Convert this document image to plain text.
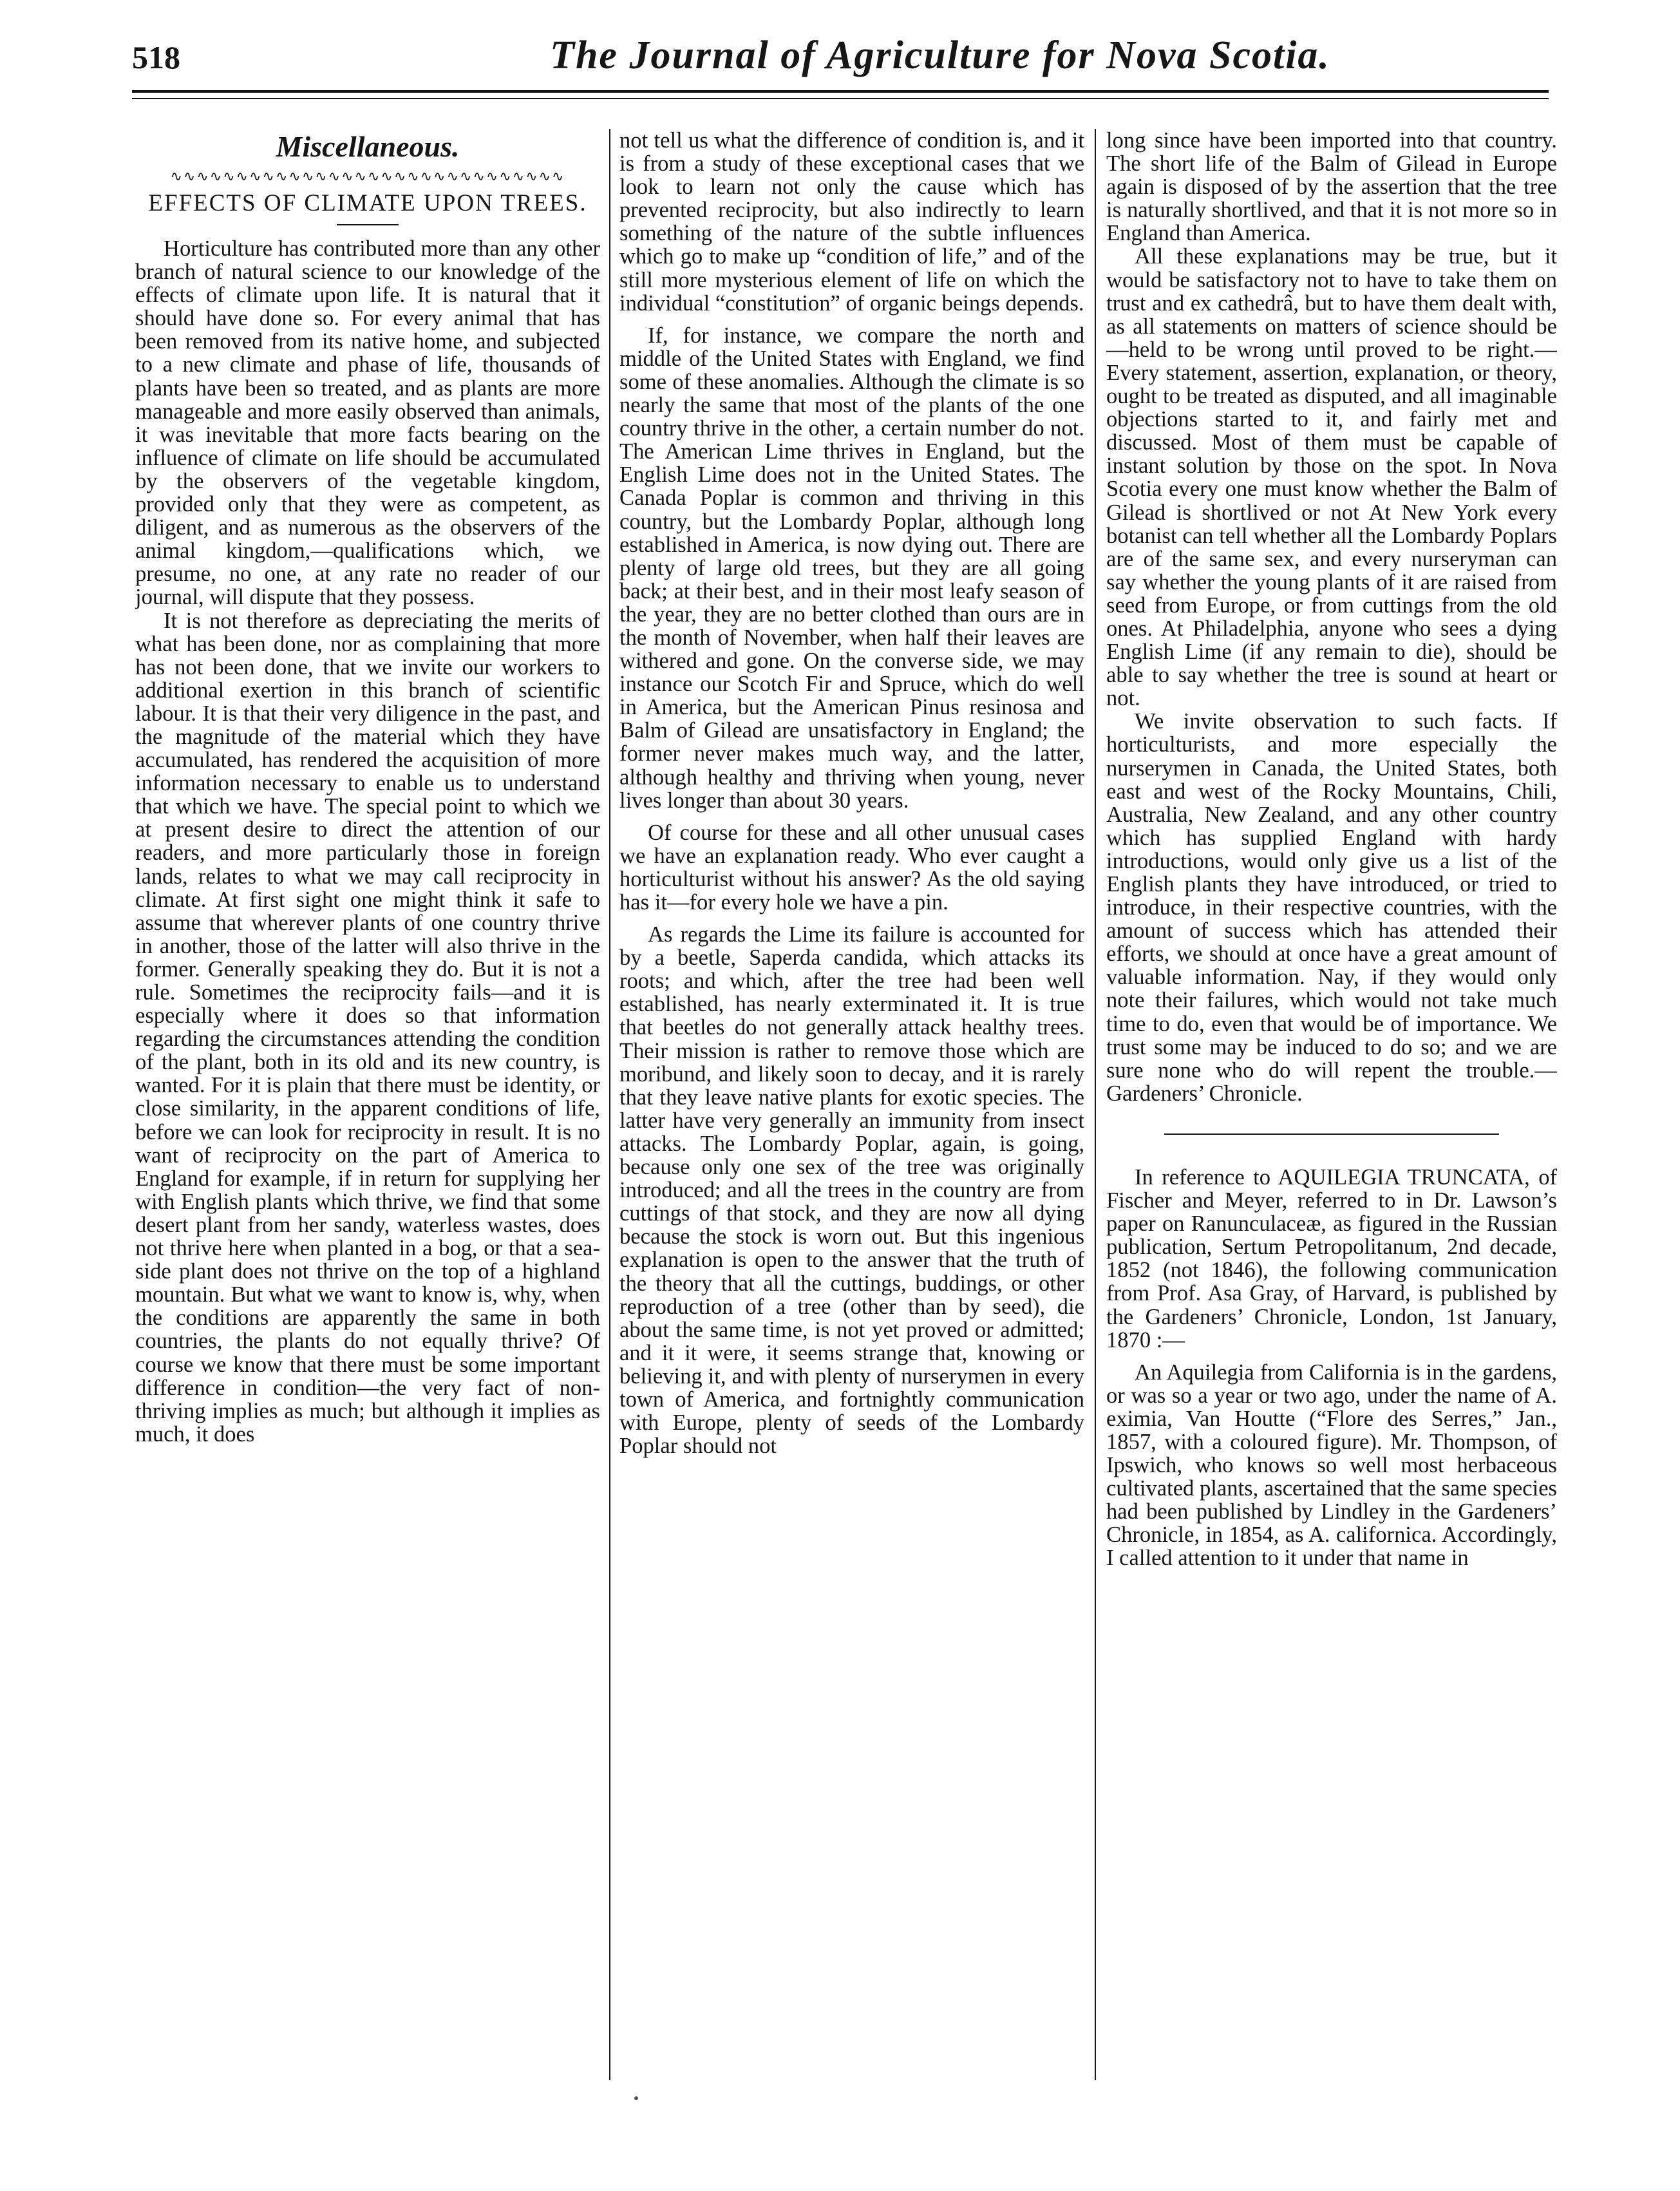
518	The Journal of Agriculture for Nova Scotia.
Miscellaneous.
∿∿∿∿∿∿∿∿∿∿∿∿∿∿∿∿∿∿∿∿∿∿∿∿∿∿∿∿∿∿
EFFECTS OF CLIMATE UPON TREES.

Horticulture has contributed more than any other branch of natural science to our knowledge of the effects of climate upon life. It is natural that it should have done so. For every animal that has been removed from its native home, and subjected to a new climate and phase of life, thousands of plants have been so treated, and as plants are more manageable and more easily observed than animals, it was inevitable that more facts bearing on the influence of climate on life should be accumulated by the observers of the vegetable kingdom, provided only that they were as competent, as diligent, and as numerous as the observers of the animal kingdom,—qualifications which, we presume, no one, at any rate no reader of our journal, will dispute that they possess.

It is not therefore as depreciating the merits of what has been done, nor as complaining that more has not been done, that we invite our workers to additional exertion in this branch of scientific labour. It is that their very diligence in the past, and the magnitude of the material which they have accumulated, has rendered the acquisition of more information necessary to enable us to understand that which we have. The special point to which we at present desire to direct the attention of our readers, and more particularly those in foreign lands, relates to what we may call reciprocity in climate. At first sight one might think it safe to assume that wherever plants of one country thrive in another, those of the latter will also thrive in the former. Generally speaking they do. But it is not a rule. Sometimes the reciprocity fails—and it is especially where it does so that information regarding the circumstances attending the condition of the plant, both in its old and its new country, is wanted. For it is plain that there must be identity, or close similarity, in the apparent conditions of life, before we can look for reciprocity in result. It is no want of reciprocity on the part of America to England for example, if in return for supplying her with English plants which thrive, we find that some desert plant from her sandy, waterless wastes, does not thrive here when planted in a bog, or that a sea-side plant does not thrive on the top of a highland mountain. But what we want to know is, why, when the conditions are apparently the same in both countries, the plants do not equally thrive? Of course we know that there must be some important difference in condition—the very fact of non-thriving implies as much; but although it implies as much, it does

not tell us what the difference of condition is, and it is from a study of these exceptional cases that we look to learn not only the cause which has prevented reciprocity, but also indirectly to learn something of the nature of the subtle influences which go to make up “condition of life,” and of the still more mysterious element of life on which the individual “constitution” of organic beings depends.

If, for instance, we compare the north and middle of the United States with England, we find some of these anomalies. Although the climate is so nearly the same that most of the plants of the one country thrive in the other, a certain number do not. The American Lime thrives in England, but the English Lime does not in the United States. The Canada Poplar is common and thriving in this country, but the Lombardy Poplar, although long established in America, is now dying out. There are plenty of large old trees, but they are all going back; at their best, and in their most leafy season of the year, they are no better clothed than ours are in the month of November, when half their leaves are withered and gone. On the converse side, we may instance our Scotch Fir and Spruce, which do well in America, but the American Pinus resinosa and Balm of Gilead are unsatisfactory in England; the former never makes much way, and the latter, although healthy and thriving when young, never lives longer than about 30 years.

Of course for these and all other unusual cases we have an explanation ready. Who ever caught a horticulturist without his answer? As the old saying has it—for every hole we have a pin.

As regards the Lime its failure is accounted for by a beetle, Saperda candida, which attacks its roots; and which, after the tree had been well established, has nearly exterminated it. It is true that beetles do not generally attack healthy trees. Their mission is rather to remove those which are moribund, and likely soon to decay, and it is rarely that they leave native plants for exotic species. The latter have very generally an immunity from insect attacks. The Lombardy Poplar, again, is going, because only one sex of the tree was originally introduced; and all the trees in the country are from cuttings of that stock, and they are now all dying because the stock is worn out. But this ingenious explanation is open to the answer that the truth of the theory that all the cuttings, buddings, or other reproduction of a tree (other than by seed), die about the same time, is not yet proved or admitted; and it it were, it seems strange that, knowing or believing it, and with plenty of nurserymen in every town of America, and fortnightly communication with Europe, plenty of seeds of the Lombardy Poplar should not

long since have been imported into that country. The short life of the Balm of Gilead in Europe again is disposed of by the assertion that the tree is naturally shortlived, and that it is not more so in England than America.

All these explanations may be true, but it would be satisfactory not to have to take them on trust and ex cathedrâ, but to have them dealt with, as all statements on matters of science should be —held to be wrong until proved to be right.—Every statement, assertion, explanation, or theory, ought to be treated as disputed, and all imaginable objections started to it, and fairly met and discussed. Most of them must be capable of instant solution by those on the spot. In Nova Scotia every one must know whether the Balm of Gilead is shortlived or not At New York every botanist can tell whether all the Lombardy Poplars are of the same sex, and every nurseryman can say whether the young plants of it are raised from seed from Europe, or from cuttings from the old ones. At Philadelphia, anyone who sees a dying English Lime (if any remain to die), should be able to say whether the tree is sound at heart or not.

We invite observation to such facts. If horticulturists, and more especially the nurserymen in Canada, the United States, both east and west of the Rocky Mountains, Chili, Australia, New Zealand, and any other country which has supplied England with hardy introductions, would only give us a list of the English plants they have introduced, or tried to introduce, in their respective countries, with the amount of success which has attended their efforts, we should at once have a great amount of valuable information. Nay, if they would only note their failures, which would not take much time to do, even that would be of importance. We trust some may be induced to do so; and we are sure none who do will repent the trouble.—Gardeners’ Chronicle.

In reference to AQUILEGIA TRUNCATA, of Fischer and Meyer, referred to in Dr. Lawson’s paper on Ranunculaceæ, as figured in the Russian publication, Sertum Petropolitanum, 2nd decade, 1852 (not 1846), the following communication from Prof. Asa Gray, of Harvard, is published by the Gardeners’ Chronicle, London, 1st January, 1870 :—

An Aquilegia from California is in the gardens, or was so a year or two ago, under the name of A. eximia, Van Houtte (“Flore des Serres,” Jan., 1857, with a coloured figure). Mr. Thompson, of Ipswich, who knows so well most herbaceous cultivated plants, ascertained that the same species had been published by Lindley in the Gardeners’ Chronicle, in 1854, as A. californica. Accordingly, I called attention to it under that name in
